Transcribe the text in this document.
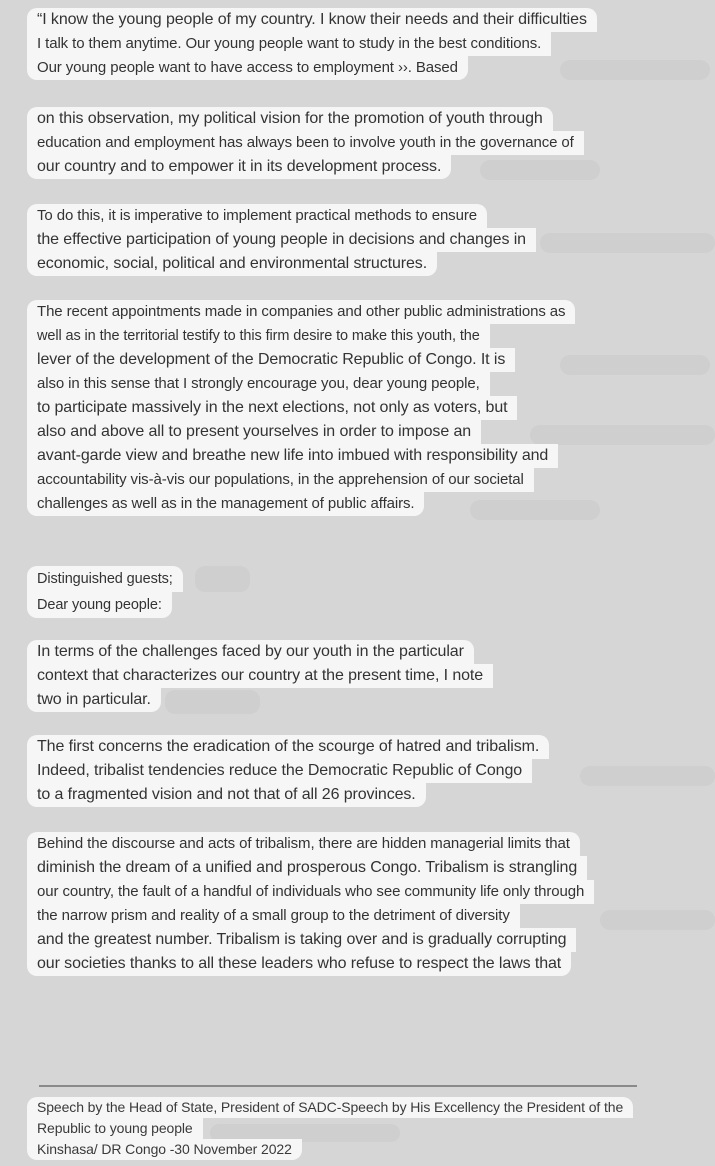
“I know the young people of my country. I know their needs and their difficulties
I talk to them anytime. Our young people want to study in the best conditions.
Our young people want to have access to employment ››. Based
on this observation, my political vision for the promotion of youth through
education and employment has always been to involve youth in the governance of
our country and to empower it in its development process.
To do this, it is imperative to implement practical methods to ensure
the effective participation of young people in decisions and changes in
economic, social, political and environmental structures.
The recent appointments made in companies and other public administrations as
well as in the territorial testify to this firm desire to make this youth, the
lever of the development of the Democratic Republic of Congo. It is
also in this sense that I strongly encourage you, dear young people,
to participate massively in the next elections, not only as voters, but
also and above all to present yourselves in order to impose an
avant-garde view and breathe new life into imbued with responsibility and
accountability vis-à-vis our populations, in the apprehension of our societal
challenges as well as in the management of public affairs.
Distinguished guests;
Dear young people:
In terms of the challenges faced by our youth in the particular
context that characterizes our country at the present time, I note
two in particular.
The first concerns the eradication of the scourge of hatred and tribalism.
Indeed, tribalist tendencies reduce the Democratic Republic of Congo
to a fragmented vision and not that of all 26 provinces.
Behind the discourse and acts of tribalism, there are hidden managerial limits that
diminish the dream of a unified and prosperous Congo. Tribalism is strangling
our country, the fault of a handful of individuals who see community life only through
the narrow prism and reality of a small group to the detriment of diversity
and the greatest number. Tribalism is taking over and is gradually corrupting
our societies thanks to all these leaders who refuse to respect the laws that
Speech by the Head of State, President of SADC-Speech by His Excellency the President of the
Republic to young people
Kinshasa/ DR Congo -30 November 2022
